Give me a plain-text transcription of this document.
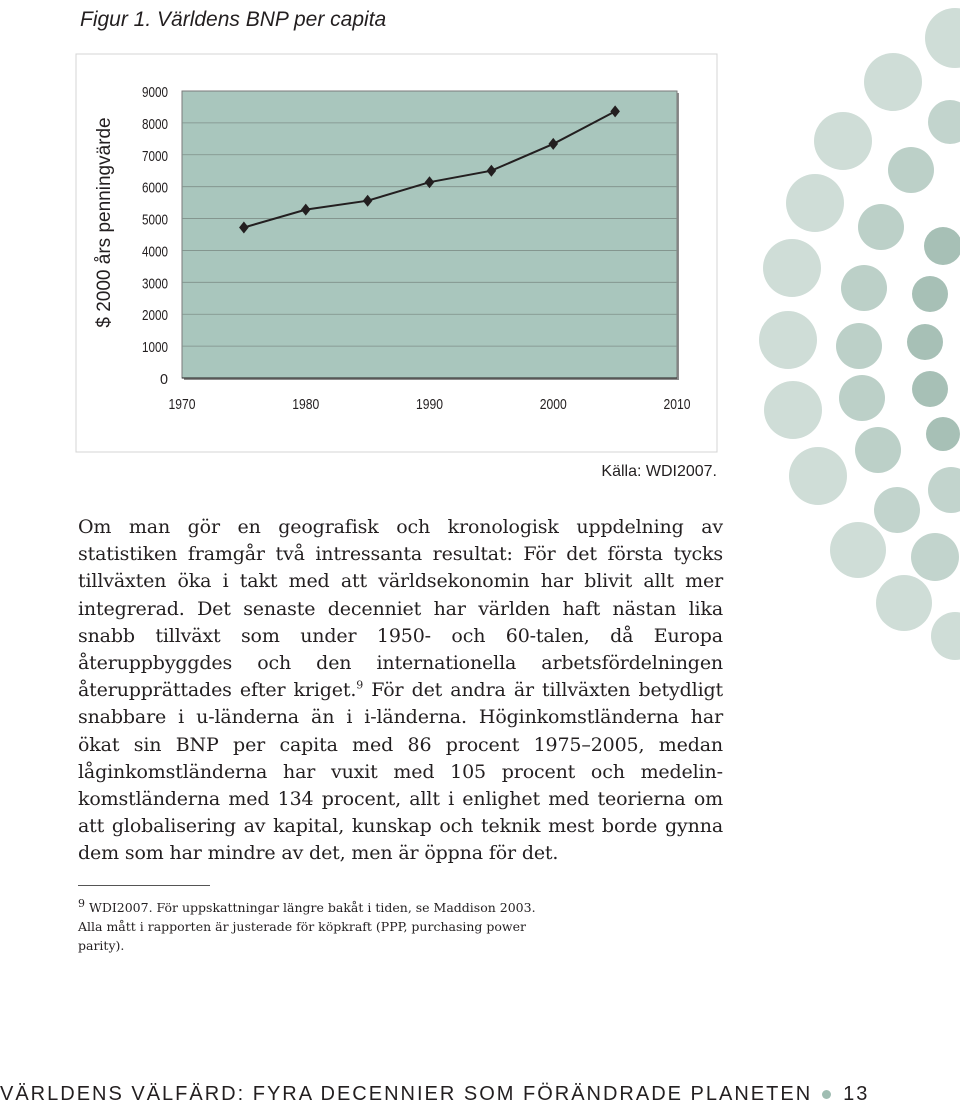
Figur 1. Världens BNP per capita
0
1000
2000
3000
4000
5000
6000
7000
8000
9000
1970	1980	1990	2000	2010
$ 2000 års penningvärde
Källa: WDI2007.

Om man gör en geografisk och kronologisk uppdelning av statistiken framgår två intressanta resultat: För det första tycks tillväxten öka i takt med att världsekonomin har blivit allt mer integrerad. Det senaste decenniet har världen haft nästan lika snabb tillväxt som under 1950- och 60-talen, då Europa återuppbyggdes och den internationella arbetsfördelningen återupprättades efter kriget.$^9$ För det andra är tillväxten betydligt snabbare i u-länderna än i i-länderna. Höginkomstländerna har ökat sin BNP per capita med 86 procent 1975–2005, medan låginkomstländerna har vuxit med 105 procent och medelinkomstländerna med 134 procent, allt i enlighet med teorierna om att globalisering av kapital, kunskap och teknik mest borde gynna dem som har mindre av det, men är öppna för det.

$^9$ WDI2007. För uppskattningar längre bakåt i tiden, se Maddison 2003. Alla mått i rapporten är justerade för köpkraft (PPP, purchasing power parity).

VÄRLDENS VÄLFÄRD: FYRA DECENNIER SOM FÖRÄNDRADE PLANETEN 13
